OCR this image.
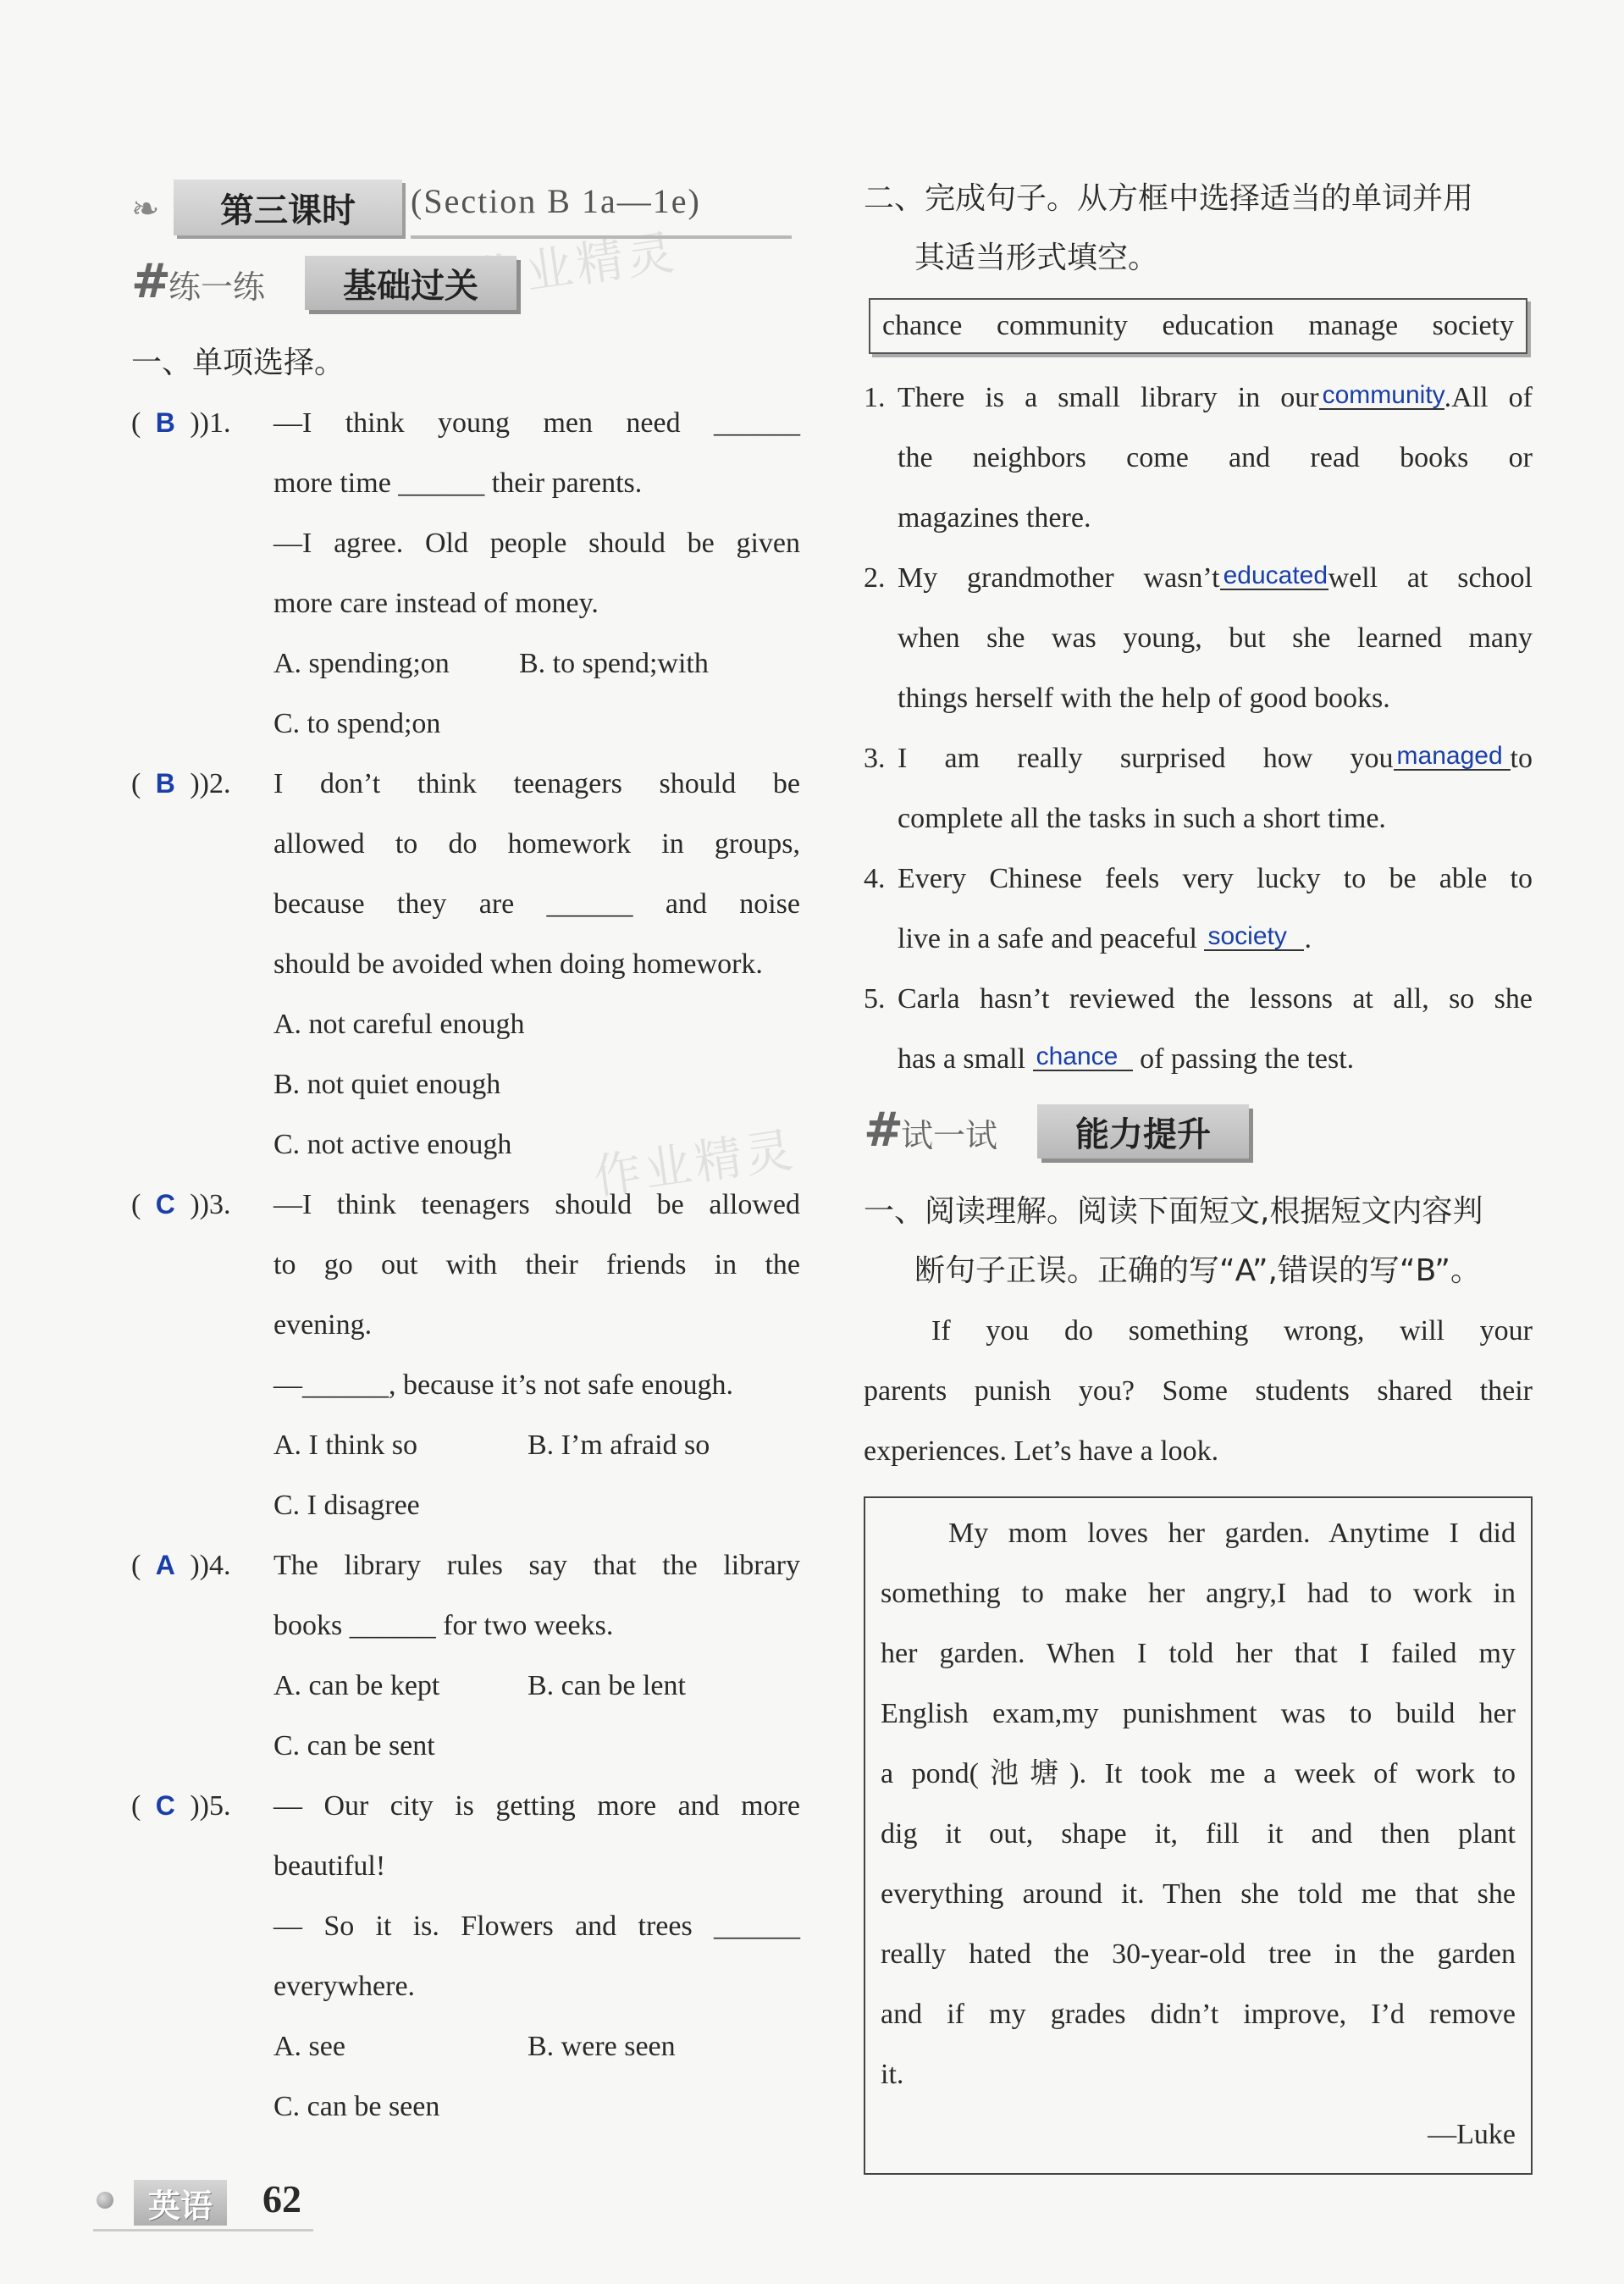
作业精灵
作业精灵
❧	第三课时	(Section B 1a—1e)
#
练一练	基础过关
一、单项选择。
( B ))1.	—I think young men need ______
more time ______ their parents.
—I agree. Old people should be given
more care instead of money.
A. spending;on B. to spend;with
C. to spend;on
( B ))2.	I don’t think teenagers should be
allowed to do homework in groups,
because they are ______ and noise
should be avoided when doing homework.
A. not careful enough
B. not quiet enough
C. not active enough
( C ))3.	—I think teenagers should be allowed
to go out with their friends in the
evening.
—______, because it’s not safe enough.
A. I think so	B. I’m afraid so
C. I disagree
( A ))4.	The library rules say that the library
books ______ for two weeks.
A. can be kept	B. can be lent
C. can be sent
( C ))5.	— Our city is getting more and more
beautiful!
— So it is. Flowers and trees ______
everywhere.
A. see	B. were seen
C. can be seen
二、完成句子。从方框中选择适当的单词并用
其适当形式填空。
chance community education manage society
1. There is a small library in our community.All of
the neighbors come and read books or
magazines there.
2. My grandmother wasn’t educatedwell at school
when she was young, but she learned many
things herself with the help of good books.
3. I am really surprised how you managed to
complete all the tasks in such a short time.
4. Every Chinese feels very lucky to be able to
live in a safe and peaceful society .
5. Carla hasn’t reviewed the lessons at all, so she
has a small chance of passing the test.
#
试一试	能力提升
一、阅读理解。阅读下面短文,根据短文内容判
断句子正误。正确的写“A”,错误的写“B”。
If you do something wrong, will your
parents punish you? Some students shared their
experiences. Let’s have a look.
My mom loves her garden. Anytime I did
something to make her angry,I had to work in
her garden. When I told her that I failed my
English exam,my punishment was to build her
a pond(池塘). It took me a week of work to
dig it out, shape it, fill it and then plant
everything around it. Then she told me that she
really hated the 30-year-old tree in the garden
and if my grades didn’t improve, I’d remove
it.
—Luke
英语	62
